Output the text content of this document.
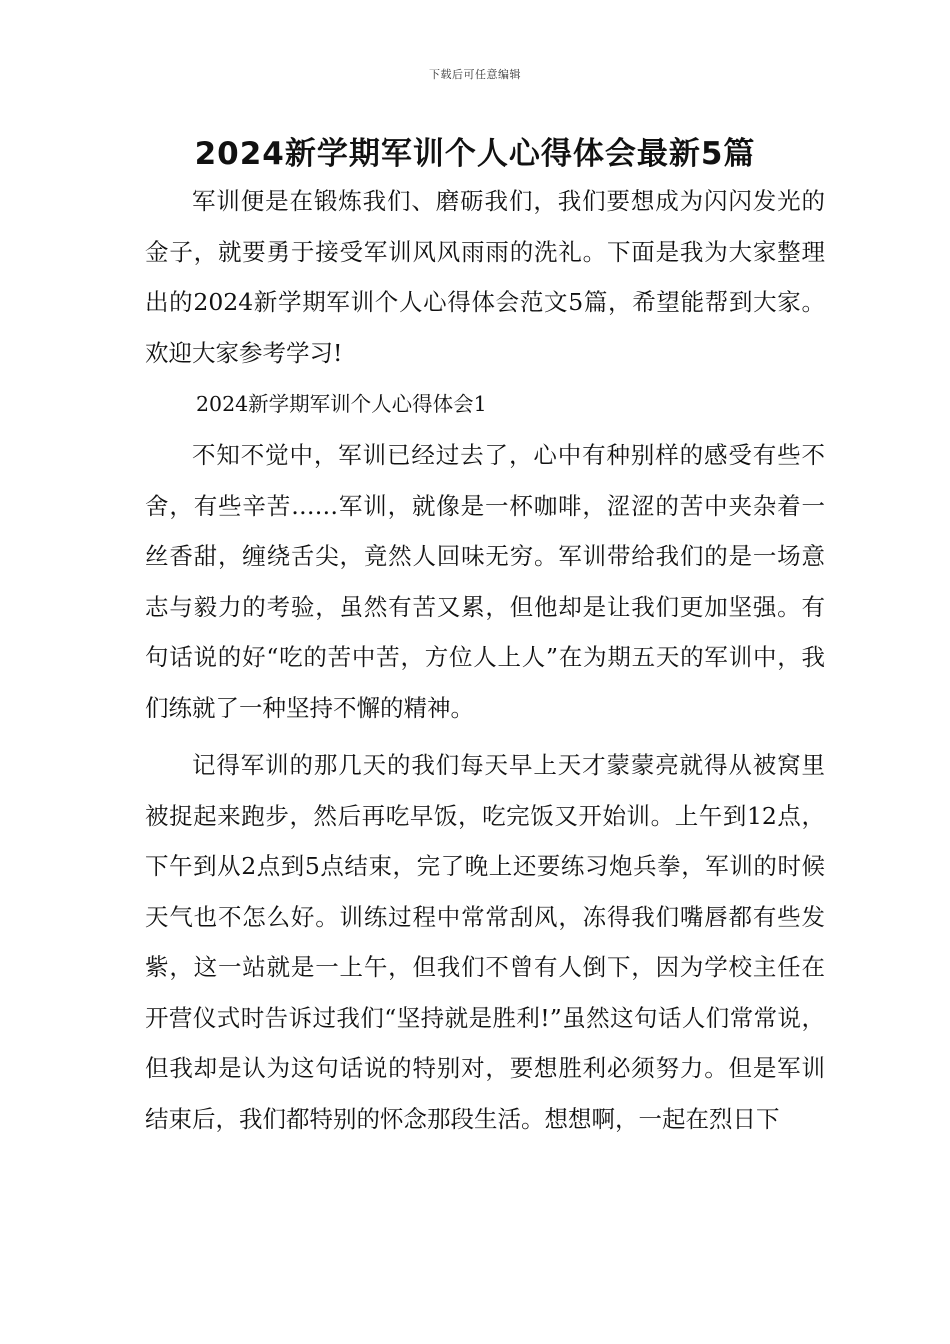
下载后可任意编辑
2024新学期军训个人心得体会最新5篇

军训便是在锻炼我们、磨砺我们，我们要想成为闪闪发光的金子，就要勇于接受军训风风雨雨的洗礼。下面是我为大家整理出的2024新学期军训个人心得体会范文5篇，希望能帮到大家。欢迎大家参考学习!

2024新学期军训个人心得体会1

不知不觉中，军训已经过去了，心中有种别样的感受有些不舍，有些辛苦……军训，就像是一杯咖啡，涩涩的苦中夹杂着一丝香甜，缠绕舌尖，竟然人回味无穷。军训带给我们的是一场意志与毅力的考验，虽然有苦又累，但他却是让我们更加坚强。有句话说的好“吃的苦中苦，方位人上人”在为期五天的军训中，我们练就了一种坚持不懈的精神。

记得军训的那几天的我们每天早上天才蒙蒙亮就得从被窝里被捉起来跑步，然后再吃早饭，吃完饭又开始训。上午到12点，下午到从2点到5点结束，完了晚上还要练习炮兵拳，军训的时候天气也不怎么好。训练过程中常常刮风，冻得我们嘴唇都有些发紫，这一站就是一上午，但我们不曾有人倒下，因为学校主任在开营仪式时告诉过我们“坚持就是胜利!”虽然这句话人们常常说，但我却是认为这句话说的特别对，要想胜利必须努力。但是军训结束后，我们都特别的怀念那段生活。想想啊，一起在烈日下
